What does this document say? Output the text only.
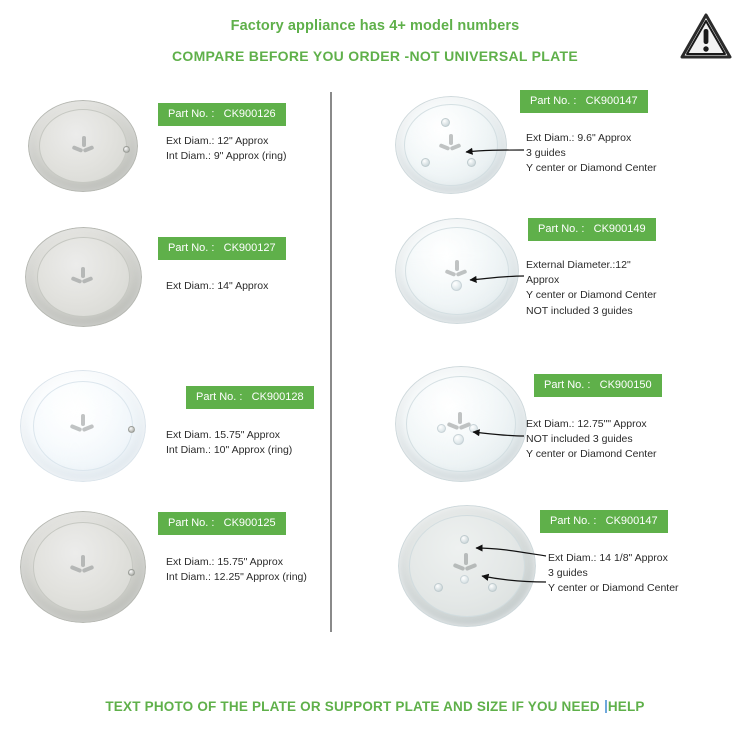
Factory appliance has 4+ model numbers
COMPARE BEFORE YOU ORDER -NOT UNIVERSAL PLATE
Part No. : CK900126
Ext Diam.: 12" Approx
Int Diam.: 9" Approx (ring)
Part No. : CK900127
Ext Diam.: 14" Approx
Part No. : CK900128
Ext Diam. 15.75" Approx
Int Diam.: 10" Approx (ring)
Part No. : CK900125
Ext Diam.: 15.75" Approx
Int Diam.: 12.25" Approx (ring)
Part No. : CK900147
Ext Diam.: 9.6" Approx
3 guides
Y center or Diamond Center
Part No. : CK900149
External Diameter.:12"
Approx
Y center or Diamond Center
NOT included 3 guides
Part No. : CK900150
Ext Diam.: 12.75"" Approx
NOT included 3 guides
Y center or Diamond Center
Part No. : CK900147
Ext Diam.: 14 1/8" Approx
3 guides
Y center or Diamond Center
TEXT PHOTO OF THE PLATE OR SUPPORT PLATE AND SIZE IF YOU NEED HELP
